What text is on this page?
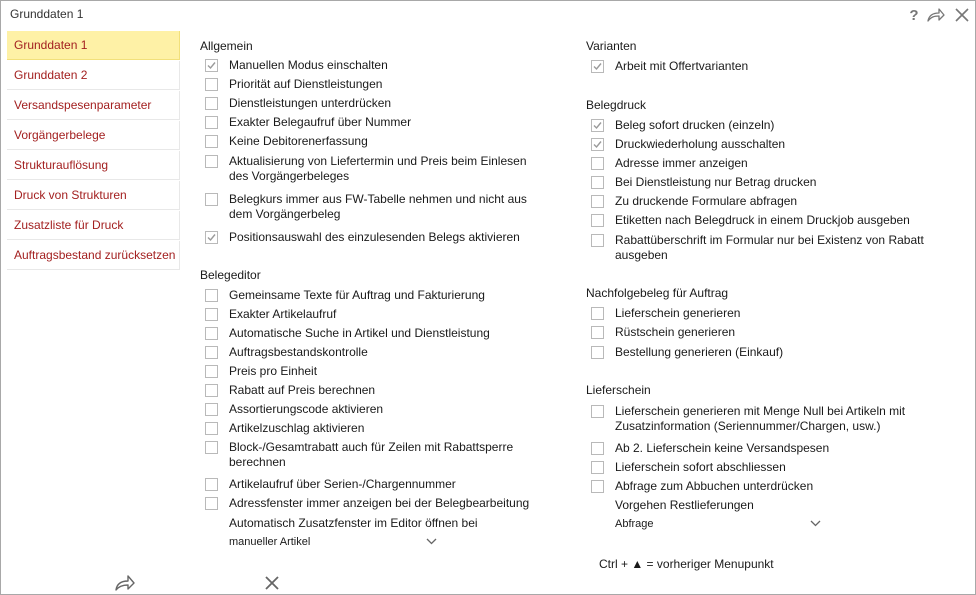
Grunddaten 1	?
Grunddaten 1
Grunddaten 2
Versandspesenparameter
Vorgängerbelege
Strukturauflösung
Druck von Strukturen
Zusatzliste für Druck
Auftragsbestand zurücksetzen
Allgemein
Manuellen Modus einschalten
Priorität auf Dienstleistungen
Dienstleistungen unterdrücken
Exakter Belegaufruf über Nummer
Keine Debitorenerfassung
Aktualisierung von Liefertermin und Preis beim Einlesen des Vorgängerbeleges
Belegkurs immer aus FW-Tabelle nehmen und nicht aus dem Vorgängerbeleg
Positionsauswahl des einzulesenden Belegs aktivieren
Belegeditor
Gemeinsame Texte für Auftrag und Fakturierung
Exakter Artikelaufruf
Automatische Suche in Artikel und Dienstleistung
Auftragsbestandskontrolle
Preis pro Einheit
Rabatt auf Preis berechnen
Assortierungscode aktivieren
Artikelzuschlag aktivieren
Block-/Gesamtrabatt auch für Zeilen mit Rabattsperre berechnen
Artikelaufruf über Serien-/Chargennummer
Adressfenster immer anzeigen bei der Belegbearbeitung
Automatisch Zusatzfenster im Editor öffnen bei
manueller Artikel
Varianten
Arbeit mit Offertvarianten
Belegdruck
Beleg sofort drucken (einzeln)
Druckwiederholung ausschalten
Adresse immer anzeigen
Bei Dienstleistung nur Betrag drucken
Zu druckende Formulare abfragen
Etiketten nach Belegdruck in einem Druckjob ausgeben
Rabattüberschrift im Formular nur bei Existenz von Rabatt ausgeben
Nachfolgebeleg für Auftrag
Lieferschein generieren
Rüstschein generieren
Bestellung generieren (Einkauf)
Lieferschein
Lieferschein generieren mit Menge Null bei Artikeln mit Zusatzinformation (Seriennummer/Chargen, usw.)
Ab 2. Lieferschein keine Versandspesen
Lieferschein sofort abschliessen
Abfrage zum Abbuchen unterdrücken
Vorgehen Restlieferungen
Abfrage
Ctrl + ▲ = vorheriger Menupunkt
